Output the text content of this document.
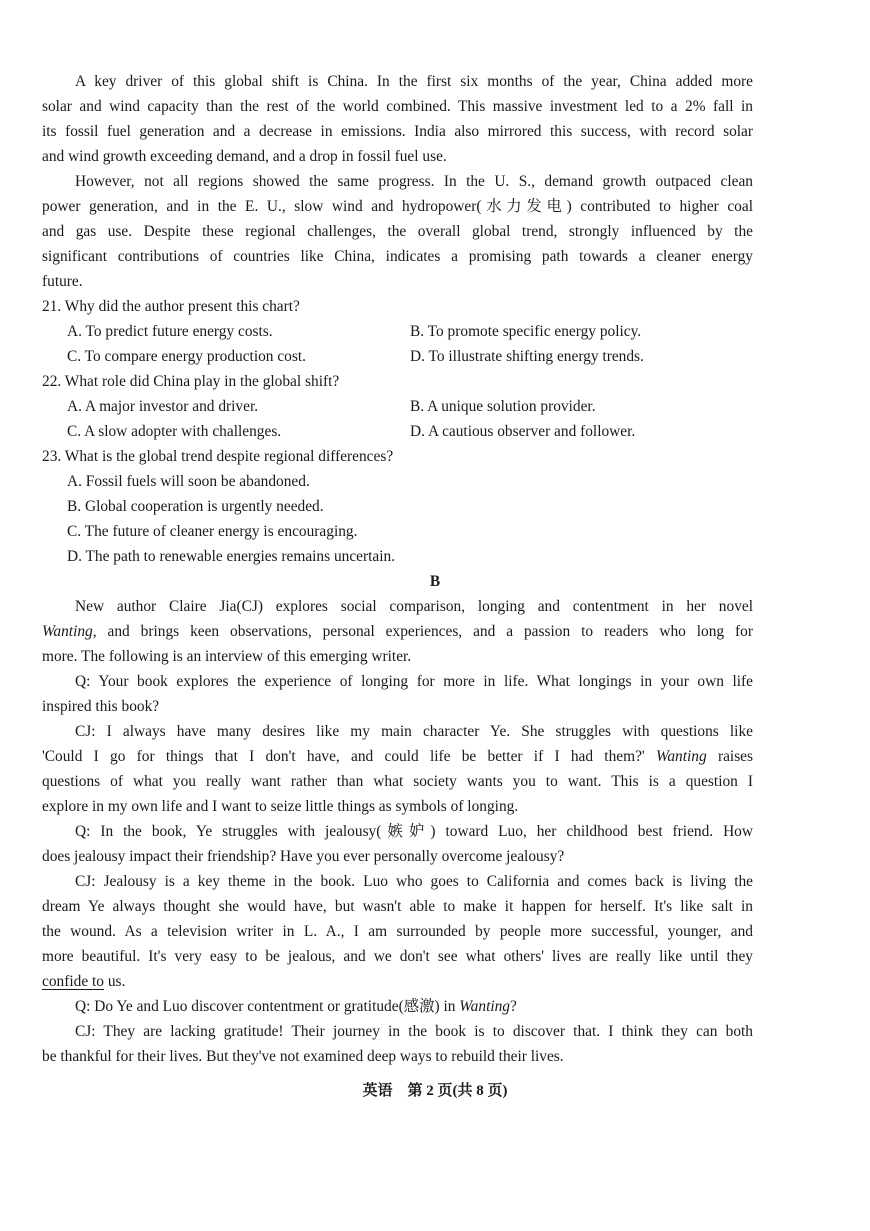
A key driver of this global shift is China. In the first six months of the year, China added more
solar and wind capacity than the rest of the world combined. This massive investment led to a 2% fall in
its fossil fuel generation and a decrease in emissions. India also mirrored this success, with record solar
and wind growth exceeding demand, and a drop in fossil fuel use.
However, not all regions showed the same progress. In the U. S., demand growth outpaced clean
power generation, and in the E. U., slow wind and hydropower(水力发电) contributed to higher coal
and gas use. Despite these regional challenges, the overall global trend, strongly influenced by the
significant contributions of countries like China, indicates a promising path towards a cleaner energy
future.
21. Why did the author present this chart?
A. To predict future energy costs.	B. To promote specific energy policy.
C. To compare energy production cost.	D. To illustrate shifting energy trends.
22. What role did China play in the global shift?
A. A major investor and driver.	B. A unique solution provider.
C. A slow adopter with challenges.	D. A cautious observer and follower.
23. What is the global trend despite regional differences?
A. Fossil fuels will soon be abandoned.
B. Global cooperation is urgently needed.
C. The future of cleaner energy is encouraging.
D. The path to renewable energies remains uncertain.
B
New author Claire Jia(CJ) explores social comparison, longing and contentment in her novel
Wanting, and brings keen observations, personal experiences, and a passion to readers who long for
more. The following is an interview of this emerging writer.
Q: Your book explores the experience of longing for more in life. What longings in your own life
inspired this book?
CJ: I always have many desires like my main character Ye. She struggles with questions like
'Could I go for things that I don't have, and could life be better if I had them?' Wanting raises
questions of what you really want rather than what society wants you to want. This is a question I
explore in my own life and I want to seize little things as symbols of longing.
Q: In the book, Ye struggles with jealousy(嫉妒) toward Luo, her childhood best friend. How
does jealousy impact their friendship? Have you ever personally overcome jealousy?
CJ: Jealousy is a key theme in the book. Luo who goes to California and comes back is living the
dream Ye always thought she would have, but wasn't able to make it happen for herself. It's like salt in
the wound. As a television writer in L. A., I am surrounded by people more successful, younger, and
more beautiful. It's very easy to be jealous, and we don't see what others' lives are really like until they
confide to us.
Q: Do Ye and Luo discover contentment or gratitude(感激) in Wanting?
CJ: They are lacking gratitude! Their journey in the book is to discover that. I think they can both
be thankful for their lives. But they've not examined deep ways to rebuild their lives.
英语　第 2 页(共 8 页)
